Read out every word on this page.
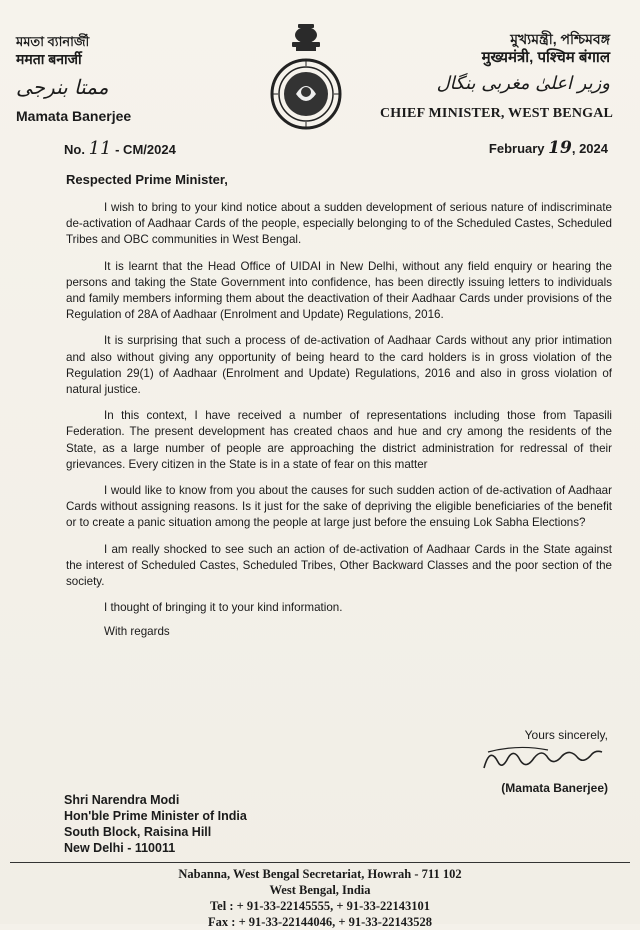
মমতা ব্যানার্জী
ममता बनार्जी
ممتا بنرجی
Mamata Banerjee
No. 11 - CM/2024
মুখ্যমন্ত্রী, পশ্চিমবঙ্গ
मुख्यमंत्री, पश्चिम बंगाल
وزیر اعلیٰ مغربی بنگال
CHIEF MINISTER, WEST BENGAL
February 19, 2024
Respected Prime Minister,

I wish to bring to your kind notice about a sudden development of serious nature of indiscriminate de-activation of Aadhaar Cards of the people, especially belonging to of the Scheduled Castes, Scheduled Tribes and OBC communities in West Bengal.

It is learnt that the Head Office of UIDAI in New Delhi, without any field enquiry or hearing the persons and taking the State Government into confidence, has been directly issuing letters to individuals and family members informing them about the deactivation of their Aadhaar Cards under provisions of the Regulation of 28A of Aadhaar (Enrolment and Update) Regulations, 2016.

It is surprising that such a process of de-activation of Aadhaar Cards without any prior intimation and also without giving any opportunity of being heard to the card holders is in gross violation of the Regulation 29(1) of Aadhaar (Enrolment and Update) Regulations, 2016 and also in gross violation of natural justice.

In this context, I have received a number of representations including those from Tapasili Federation. The present development has created chaos and hue and cry among the residents of the State, as a large number of people are approaching the district administration for redressal of their grievances. Every citizen in the State is in a state of fear on this matter

I would like to know from you about the causes for such sudden action of de-activation of Aadhaar Cards without assigning reasons. Is it just for the sake of depriving the eligible beneficiaries of the benefit or to create a panic situation among the people at large just before the ensuing Lok Sabha Elections?

I am really shocked to see such an action of de-activation of Aadhaar Cards in the State against the interest of Scheduled Castes, Scheduled Tribes, Other Backward Classes and the poor section of the society.

I thought of bringing it to your kind information.

With regards

Yours sincerely,
(Mamata Banerjee)
Shri Narendra Modi
Hon'ble Prime Minister of India
South Block, Raisina Hill
New Delhi - 110011
Nabanna, West Bengal Secretariat, Howrah - 711 102
West Bengal, India
Tel : + 91-33-22145555, + 91-33-22143101
Fax : + 91-33-22144046, + 91-33-22143528
